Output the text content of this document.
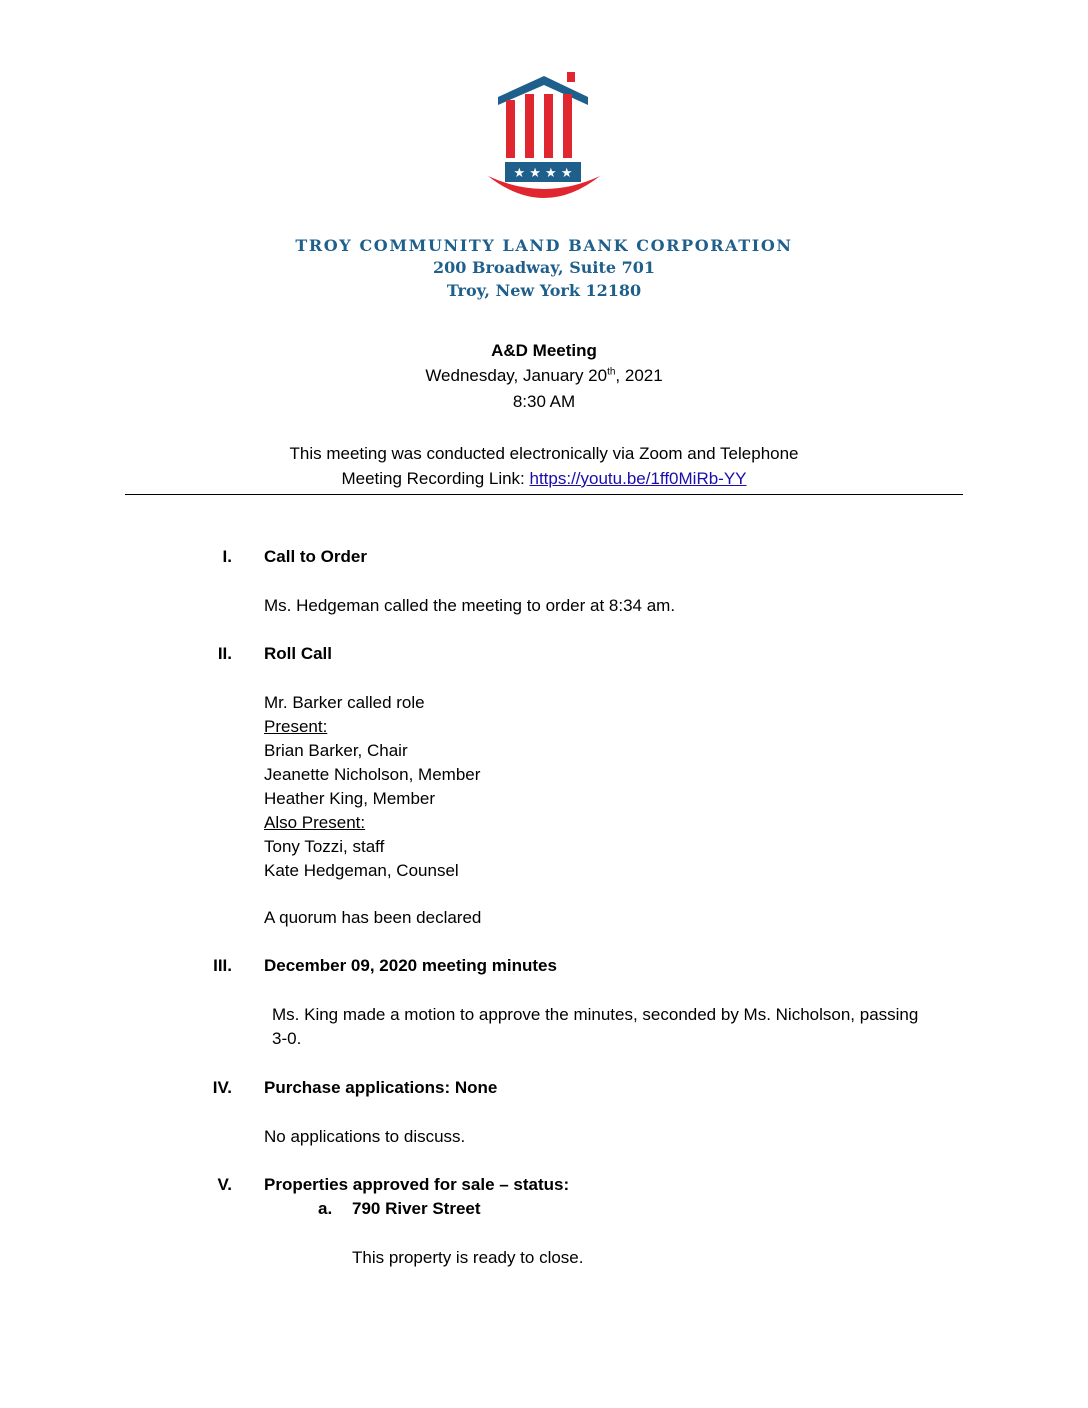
★ ★ ★ ★
TROY COMMUNITY LAND BANK CORPORATION
200 Broadway, Suite 701
Troy, New York 12180
A&D Meeting
Wednesday, January 20th, 2021
8:30 AM
This meeting was conducted electronically via Zoom and Telephone
Meeting Recording Link: https://youtu.be/1ff0MiRb-YY
I. Call to Order
Ms. Hedgeman called the meeting to order at 8:34 am.
II. Roll Call
Mr. Barker called role
Present:
Brian Barker, Chair
Jeanette Nicholson, Member
Heather King, Member
Also Present:
Tony Tozzi, staff
Kate Hedgeman, Counsel
A quorum has been declared
III. December 09, 2020 meeting minutes
Ms. King made a motion to approve the minutes, seconded by Ms. Nicholson, passing
3-0.
IV. Purchase applications: None
No applications to discuss.
V. Properties approved for sale – status:
a. 790 River Street
This property is ready to close.
